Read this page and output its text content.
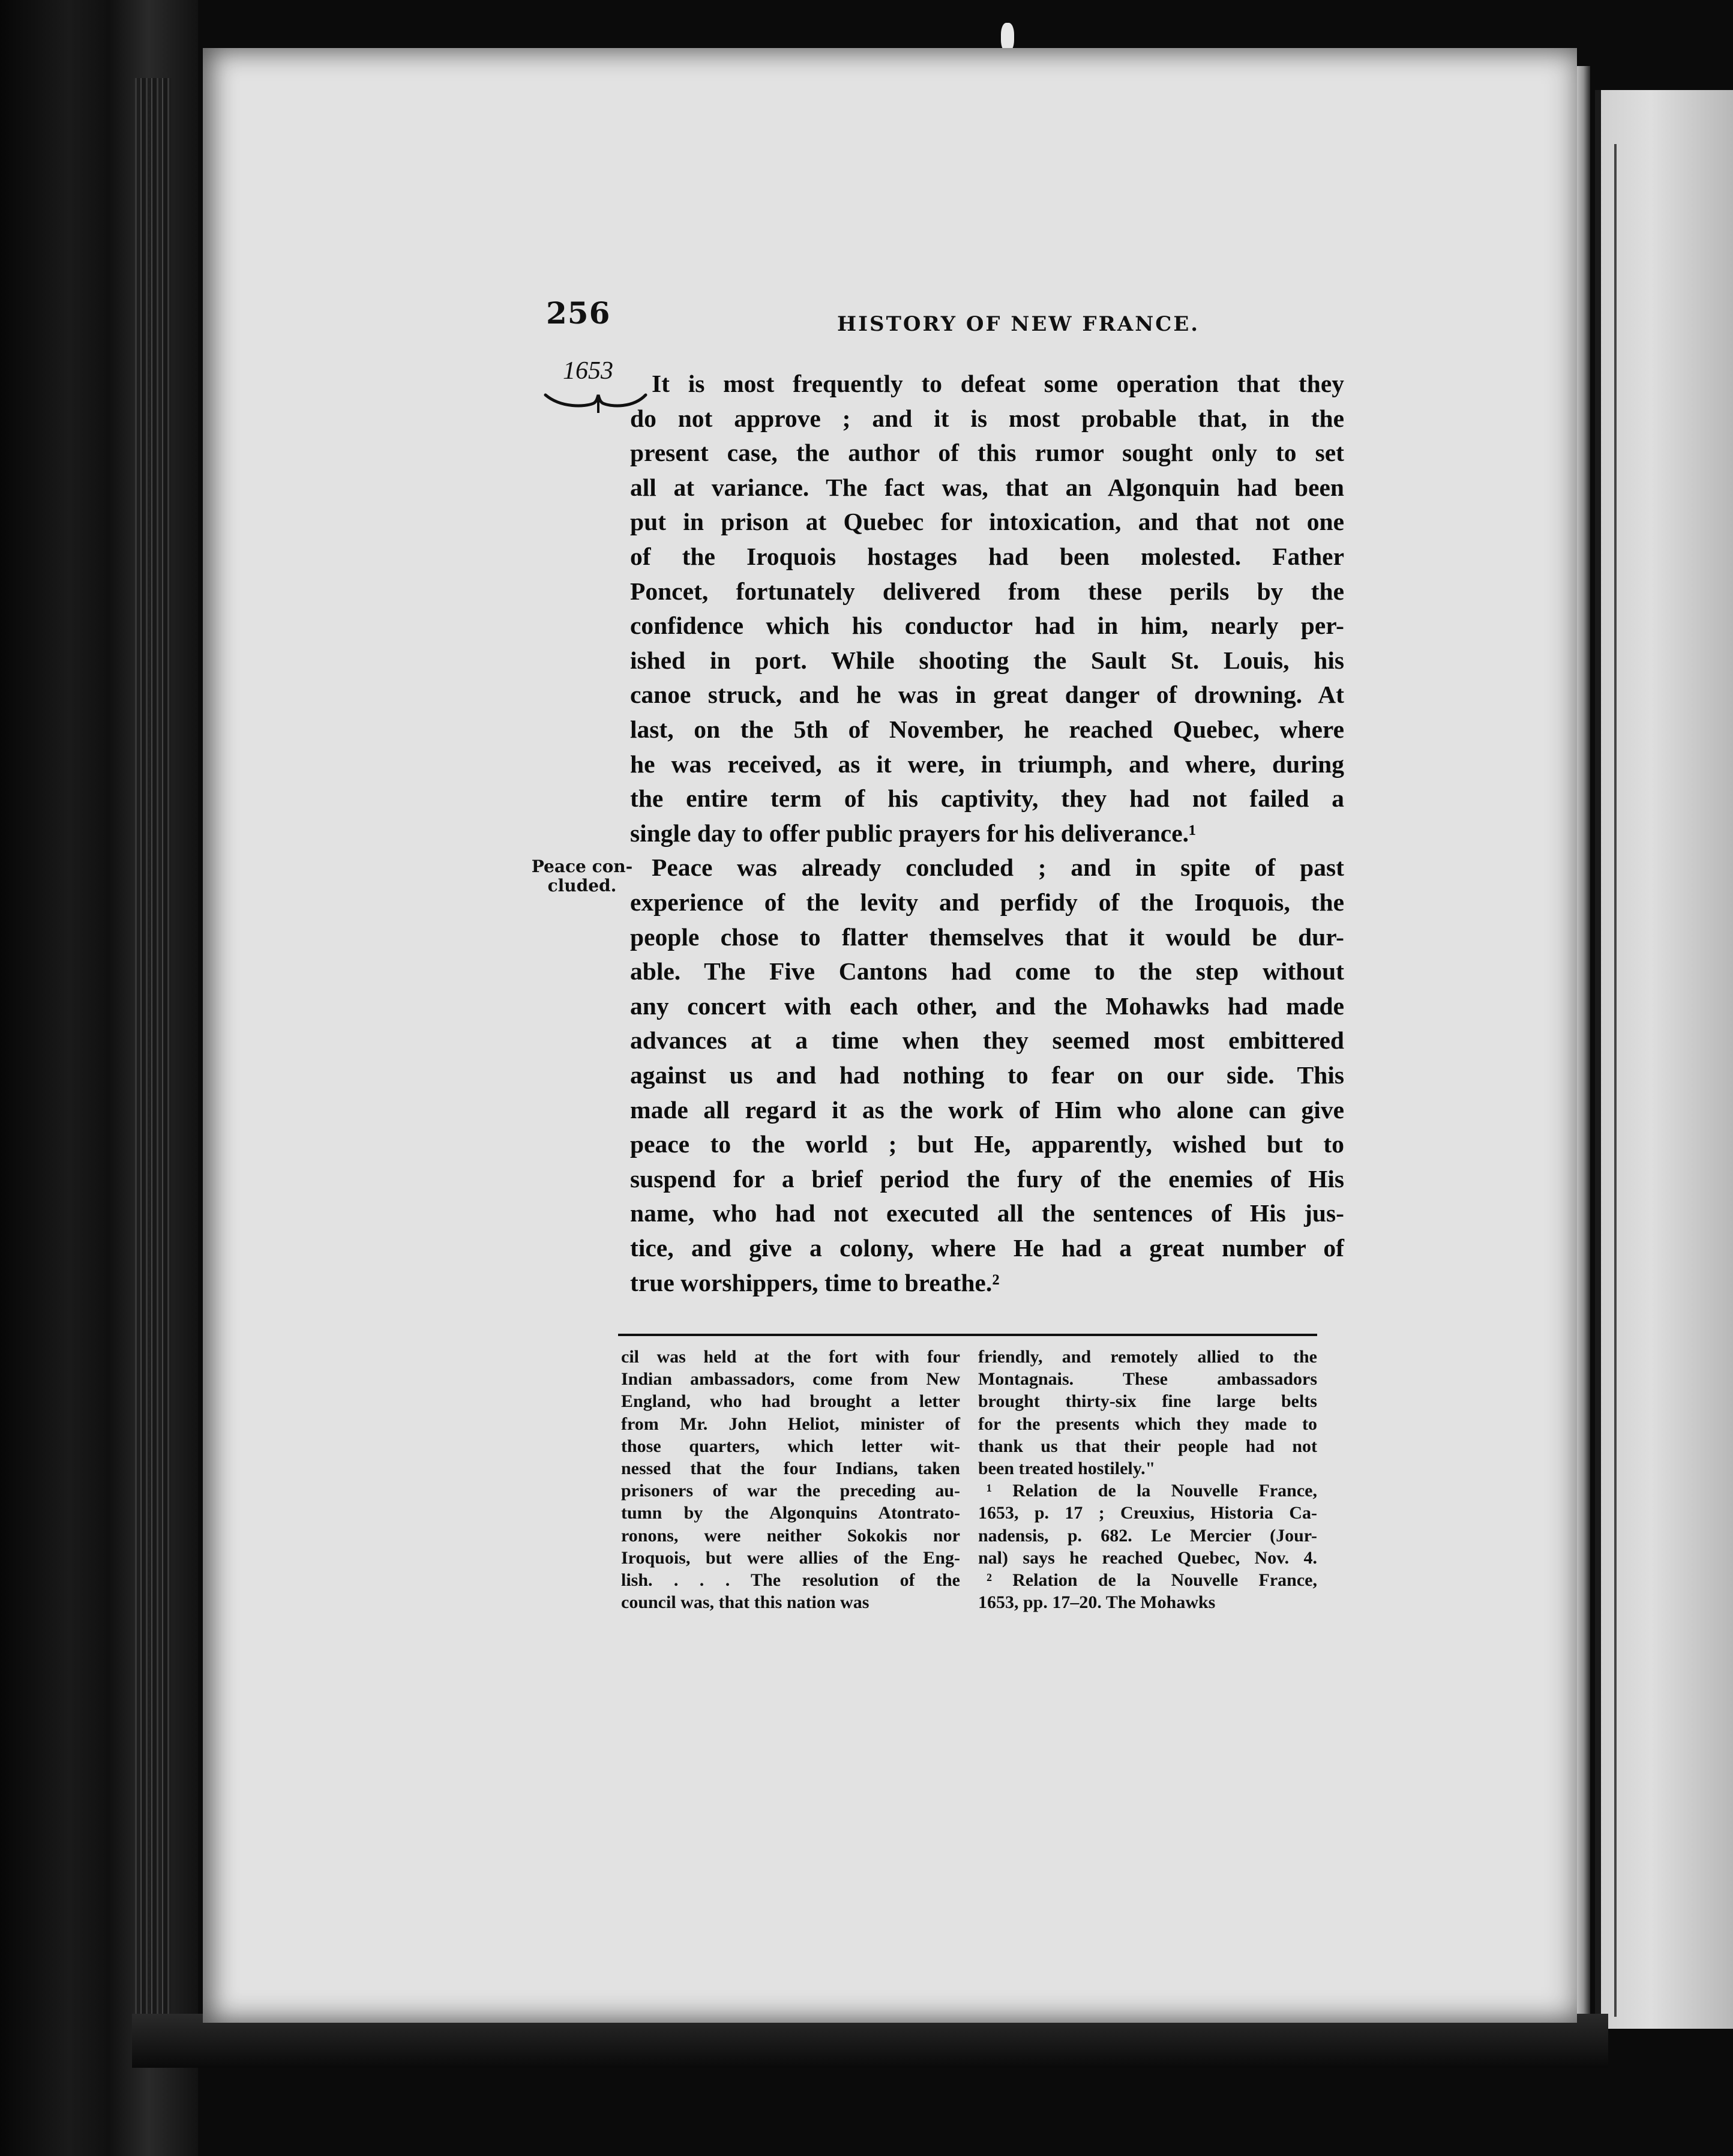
256	HISTORY OF NEW FRANCE.
1653
Peace con-
cluded.
It is most frequently to defeat some operation that they
do not approve ; and it is most probable that, in the
present case, the author of this rumor sought only to set
all at variance. The fact was, that an Algonquin had been
put in prison at Quebec for intoxication, and that not one
of the Iroquois hostages had been molested. Father
Poncet, fortunately delivered from these perils by the
confidence which his conductor had in him, nearly per-
ished in port. While shooting the Sault St. Louis, his
canoe struck, and he was in great danger of drowning. At
last, on the 5th of November, he reached Quebec, where
he was received, as it were, in triumph, and where, during
the entire term of his captivity, they had not failed a
single day to offer public prayers for his deliverance.¹
Peace was already concluded ; and in spite of past
experience of the levity and perfidy of the Iroquois, the
people chose to flatter themselves that it would be dur-
able. The Five Cantons had come to the step without
any concert with each other, and the Mohawks had made
advances at a time when they seemed most embittered
against us and had nothing to fear on our side. This
made all regard it as the work of Him who alone can give
peace to the world ; but He, apparently, wished but to
suspend for a brief period the fury of the enemies of His
name, who had not executed all the sentences of His jus-
tice, and give a colony, where He had a great number of
true worshippers, time to breathe.²
cil was held at the fort with four
Indian ambassadors, come from New
England, who had brought a letter
from Mr. John Heliot, minister of
those quarters, which letter wit-
nessed that the four Indians, taken
prisoners of war the preceding au-
tumn by the Algonquins Atontrato-
ronons, were neither Sokokis nor
Iroquois, but were allies of the Eng-
lish. . . . The resolution of the
council was, that this nation was
friendly, and remotely allied to the
Montagnais. These ambassadors
brought thirty-six fine large belts
for the presents which they made to
thank us that their people had not
been treated hostilely."
¹ Relation de la Nouvelle France,
1653, p. 17 ; Creuxius, Historia Ca-
nadensis, p. 682. Le Mercier (Jour-
nal) says he reached Quebec, Nov. 4.
² Relation de la Nouvelle France,
1653, pp. 17–20. The Mohawks
